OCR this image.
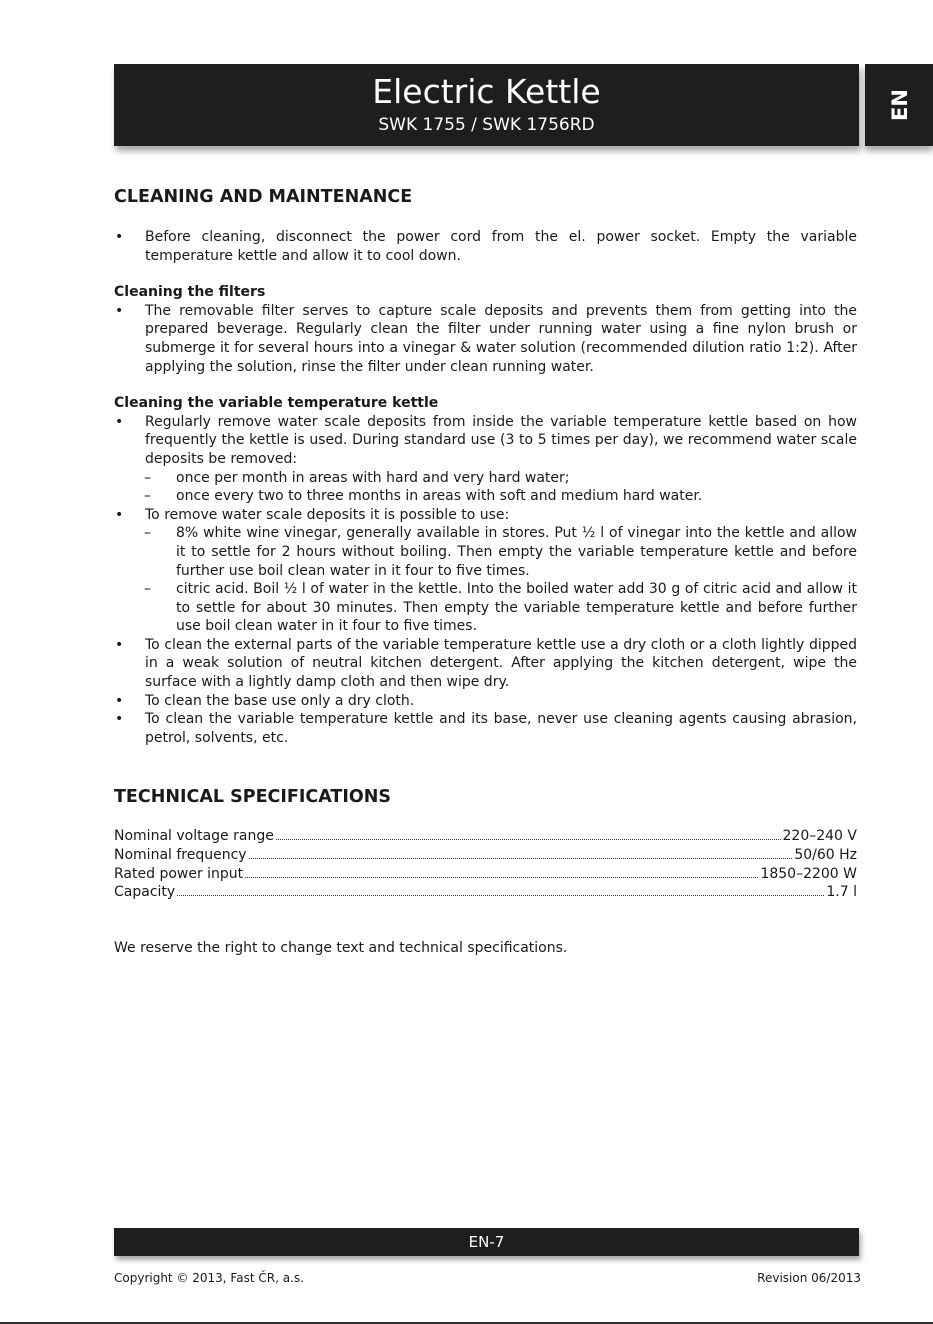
Electric Kettle
SWK 1755 / SWK 1756RD
EN
CLEANING AND MAINTENANCE

• Before cleaning, disconnect the power cord from the el. power socket. Empty the variable temperature kettle and allow it to cool down.

Cleaning the filters

• The removable filter serves to capture scale deposits and prevents them from getting into the prepared beverage. Regularly clean the filter under running water using a fine nylon brush or submerge it for several hours into a vinegar & water solution (recommended dilution ratio 1:2). After applying the solution, rinse the filter under clean running water.

Cleaning the variable temperature kettle

• Regularly remove water scale deposits from inside the variable temperature kettle based on how frequently the kettle is used. During standard use (3 to 5 times per day), we recommend water scale deposits be removed:

– once per month in areas with hard and very hard water;

– once every two to three months in areas with soft and medium hard water.

• To remove water scale deposits it is possible to use:

– 8% white wine vinegar, generally available in stores. Put ½ l of vinegar into the kettle and allow it to settle for 2 hours without boiling. Then empty the variable temperature kettle and before further use boil clean water in it four to five times.

– citric acid. Boil ½ l of water in the kettle. Into the boiled water add 30 g of citric acid and allow it to settle for about 30 minutes. Then empty the variable temperature kettle and before further use boil clean water in it four to five times.

• To clean the external parts of the variable temperature kettle use a dry cloth or a cloth lightly dipped in a weak solution of neutral kitchen detergent. After applying the kitchen detergent, wipe the surface with a lightly damp cloth and then wipe dry.

• To clean the base use only a dry cloth.

• To clean the variable temperature kettle and its base, never use cleaning agents causing abrasion, petrol, solvents, etc.

TECHNICAL SPECIFICATIONS
Nominal voltage range	220–240 V
Nominal frequency	50/60 Hz
Rated power input	1850–2200 W
Capacity	1.7 l

We reserve the right to change text and technical specifications.

EN-7
Copyright © 2013, Fast ČR, a.s.	Revision 06/2013
